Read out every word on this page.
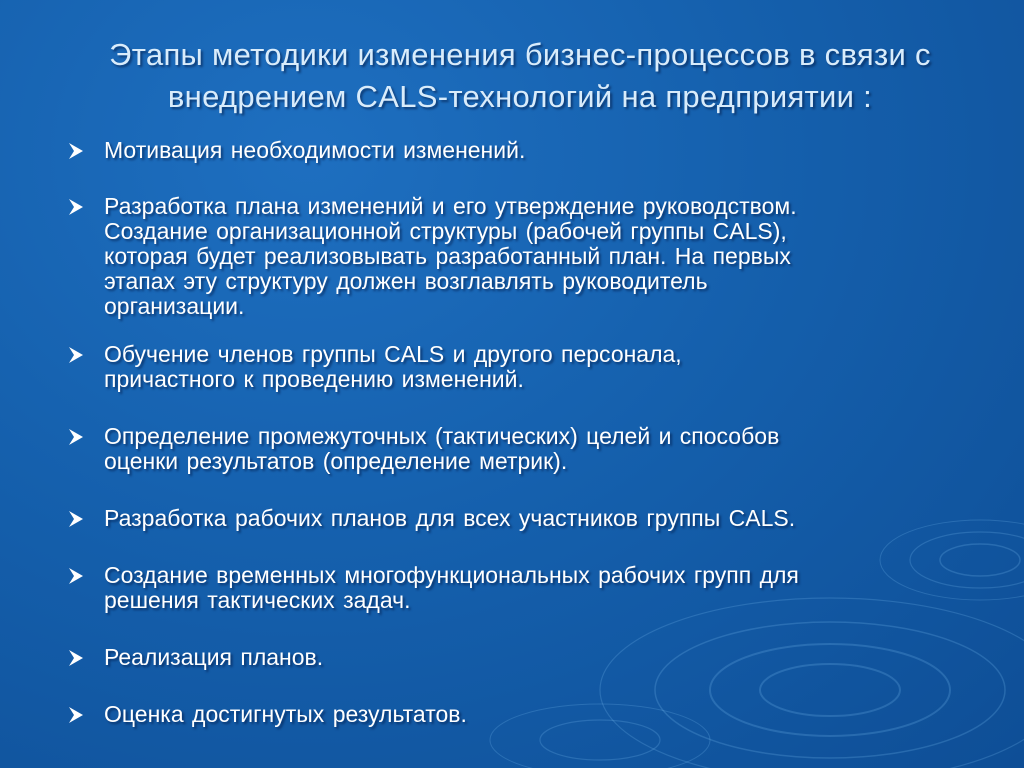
Этапы методики изменения бизнес-процессов в связи с
внедрением CALS-технологий на предприятии :
Мотивация необходимости изменений.
Разработка плана изменений и его утверждение руководством.
Создание организационной структуры (рабочей группы CALS),
которая будет реализовывать разработанный план. На первых
этапах эту структуру должен возглавлять руководитель
организации.
Обучение членов группы CALS и другого персонала,
причастного к проведению изменений.
Определение промежуточных (тактических) целей и способов
оценки результатов (определение метрик).
Разработка рабочих планов для всех участников группы CALS.
Создание временных многофункциональных рабочих групп для
решения тактических задач.
Реализация планов.
Оценка достигнутых результатов.
